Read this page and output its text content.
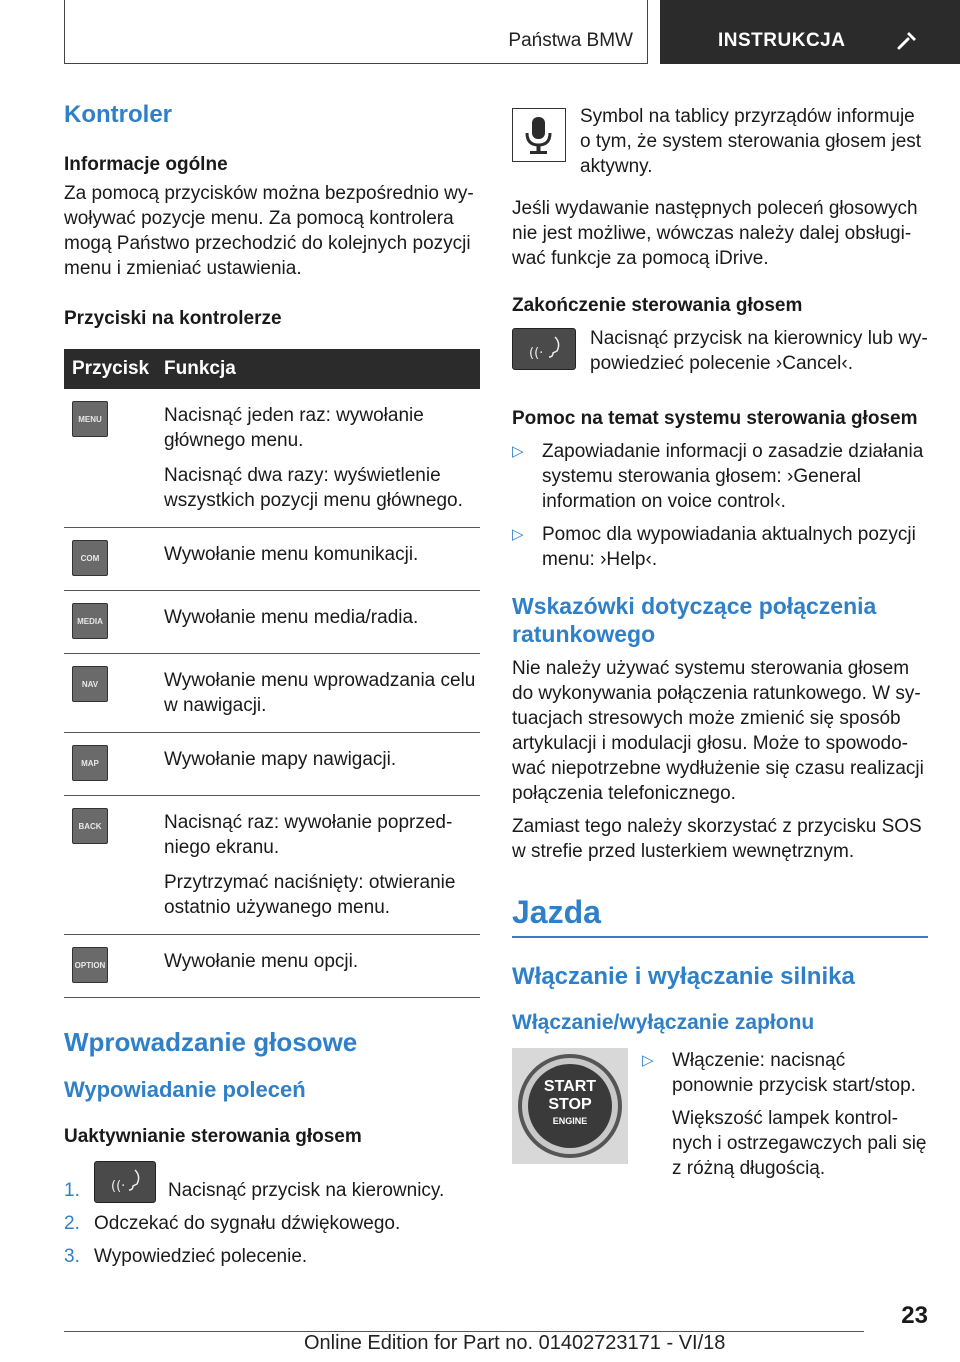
Państwa BMW	INSTRUKCJA
Kontroler
Informacje ogólne

Za pomocą przycisków można bezpośrednio wy-woływać pozycje menu. Za pomocą kontrolera mogą Państwo przechodzić do kolejnych pozycji menu i zmieniać ustawienia.

Przyciski na kontrolerze
Przycisk	Funkcja

MENU	Nacisnąć jeden raz: wywołanie głównego menu.

Nacisnąć dwa razy: wyświetlenie wszystkich pozycji menu głównego.

COM	Wywołanie menu komunikacji.

MEDIA	Wywołanie menu media/radia.

NAV	Wywołanie menu wprowadzania celu w nawigacji.

MAP	Wywołanie mapy nawigacji.

BACK	Nacisnąć raz: wywołanie poprzed-niego ekranu.

Przytrzymać naciśnięty: otwieranie ostatnio używanego menu.

OPTION	Wywołanie menu opcji.

Wprowadzanie głosowe
Wypowiadanie poleceń
Uaktywnianie sterowania głosem
1. ((· Nacisnąć przycisk na kierownicy.
2. Odczekać do sygnału dźwiękowego.
3. Wypowiedzieć polecenie.

Symbol na tablicy przyrządów informuje o tym, że system sterowania głosem jest aktywny.

Jeśli wydawanie następnych poleceń głosowych nie jest możliwe, wówczas należy dalej obsługi-wać funkcje za pomocą iDrive.

Zakończenie sterowania głosem
((·

Nacisnąć przycisk na kierownicy lub wy-powiedzieć polecenie ›Cancel‹.

Pomoc na temat systemu sterowania głosem
▷ Zapowiadanie informacji o zasadzie działania systemu sterowania głosem: ›General information on voice control‹.
▷ Pomoc dla wypowiadania aktualnych pozycji menu: ›Help‹.
Wskazówki dotyczące połączenia ratunkowego

Nie należy używać systemu sterowania głosem do wykonywania połączenia ratunkowego. W sy-tuacjach stresowych może zmienić się sposób artykulacji i modulacji głosu. Może to spowodo-wać niepotrzebne wydłużenie się czasu realizacji połączenia telefonicznego.

Zamiast tego należy skorzystać z przycisku SOS w strefie przed lusterkiem wewnętrznym.

Jazda
Włączanie i wyłączanie silnika
Włączanie/wyłączanie zapłonu
START
STOP
ENGINE
▷ Włączenie: nacisnąć ponownie przycisk start/stop.

Większość lampek kontrol-nych i ostrzegawczych pali się z różną długością.

23
Online Edition for Part no. 01402723171 - VI/18
